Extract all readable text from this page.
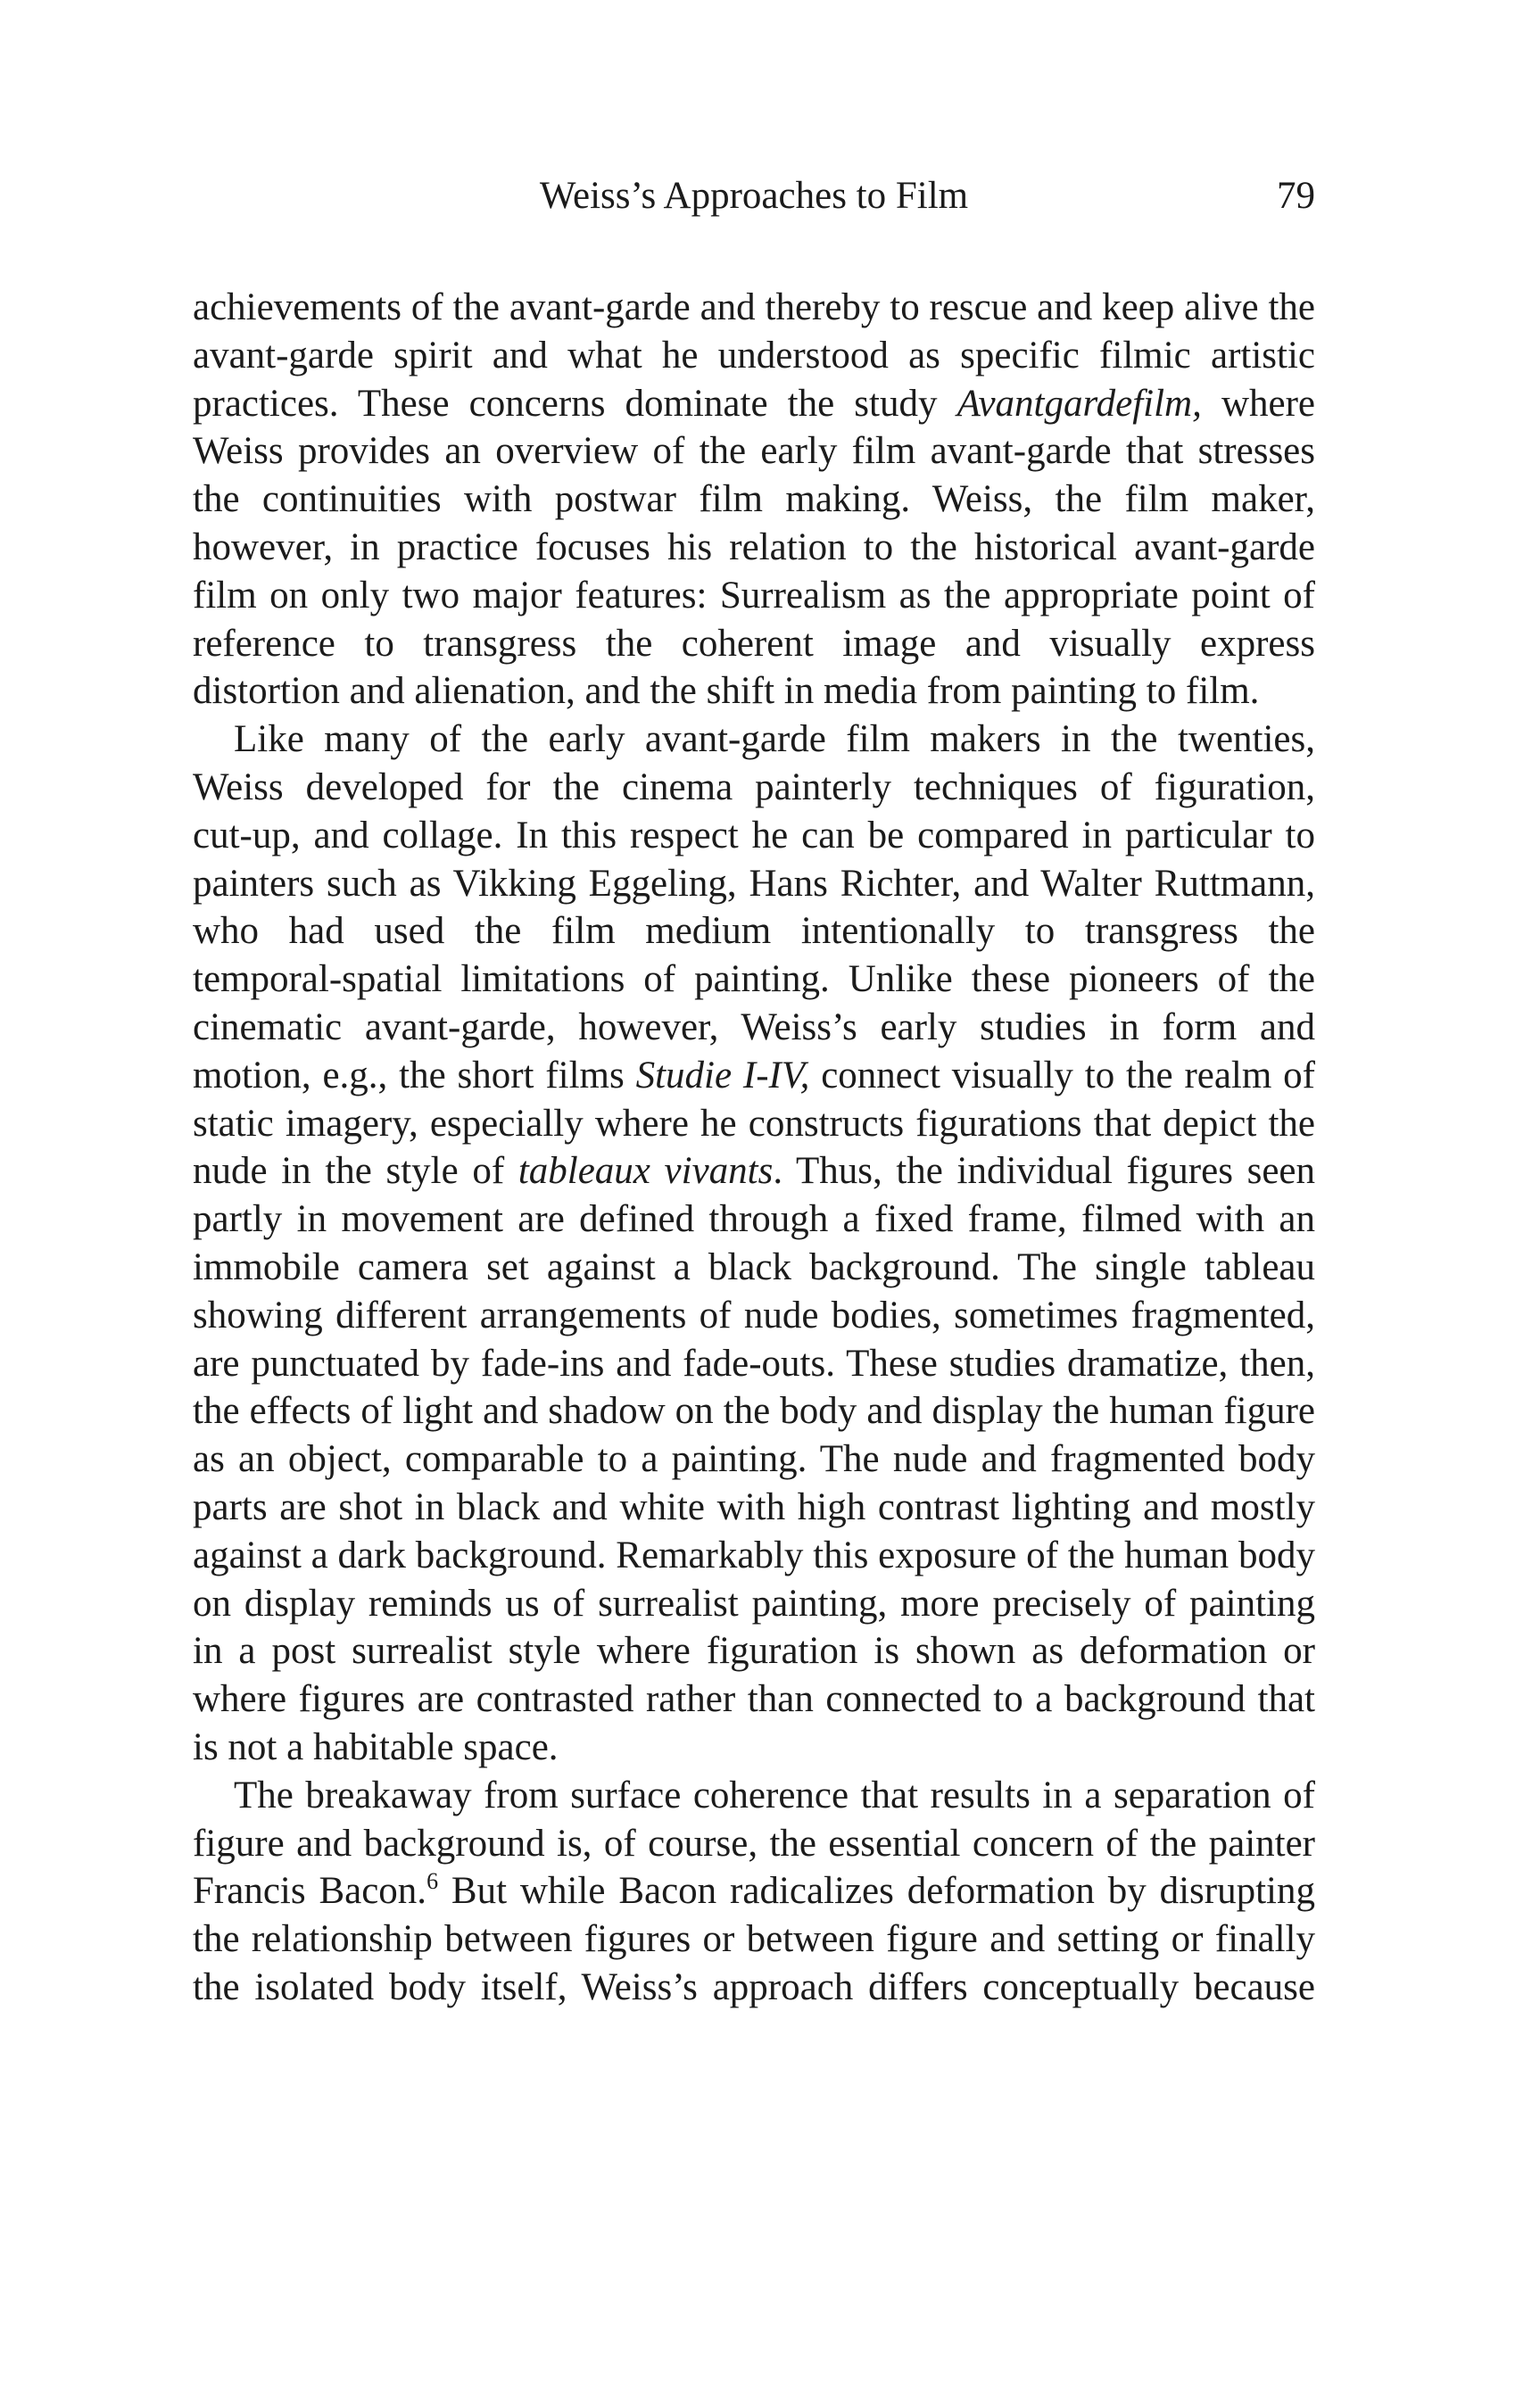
Weiss’s Approaches to Film	79
achievements of the avant-garde and thereby to rescue and keep alive the
avant-garde spirit and what he understood as specific filmic artistic
practices. These concerns dominate the study Avantgardefilm, where
Weiss provides an overview of the early film avant-garde that stresses
the continuities with postwar film making. Weiss, the film maker,
however, in practice focuses his relation to the historical avant-garde
film on only two major features: Surrealism as the appropriate point of
reference to transgress the coherent image and visually express
distortion and alienation, and the shift in media from painting to film.
Like many of the early avant-garde film makers in the twenties,
Weiss developed for the cinema painterly techniques of figuration,
cut-up, and collage. In this respect he can be compared in particular to
painters such as Vikking Eggeling, Hans Richter, and Walter Ruttmann,
who had used the film medium intentionally to transgress the
temporal-spatial limitations of painting. Unlike these pioneers of the
cinematic avant-garde, however, Weiss’s early studies in form and
motion, e.g., the short films Studie I-IV, connect visually to the realm of
static imagery, especially where he constructs figurations that depict the
nude in the style of tableaux vivants. Thus, the individual figures seen
partly in movement are defined through a fixed frame, filmed with an
immobile camera set against a black background. The single tableau
showing different arrangements of nude bodies, sometimes fragmented,
are punctuated by fade-ins and fade-outs. These studies dramatize, then,
the effects of light and shadow on the body and display the human figure
as an object, comparable to a painting. The nude and fragmented body
parts are shot in black and white with high contrast lighting and mostly
against a dark background. Remarkably this exposure of the human body
on display reminds us of surrealist painting, more precisely of painting
in a post surrealist style where figuration is shown as deformation or
where figures are contrasted rather than connected to a background that
is not a habitable space.
The breakaway from surface coherence that results in a separation of
figure and background is, of course, the essential concern of the painter
Francis Bacon.$^6$ But while Bacon radicalizes deformation by disrupting
the relationship between figures or between figure and setting or finally
the isolated body itself, Weiss’s approach differs conceptually because
